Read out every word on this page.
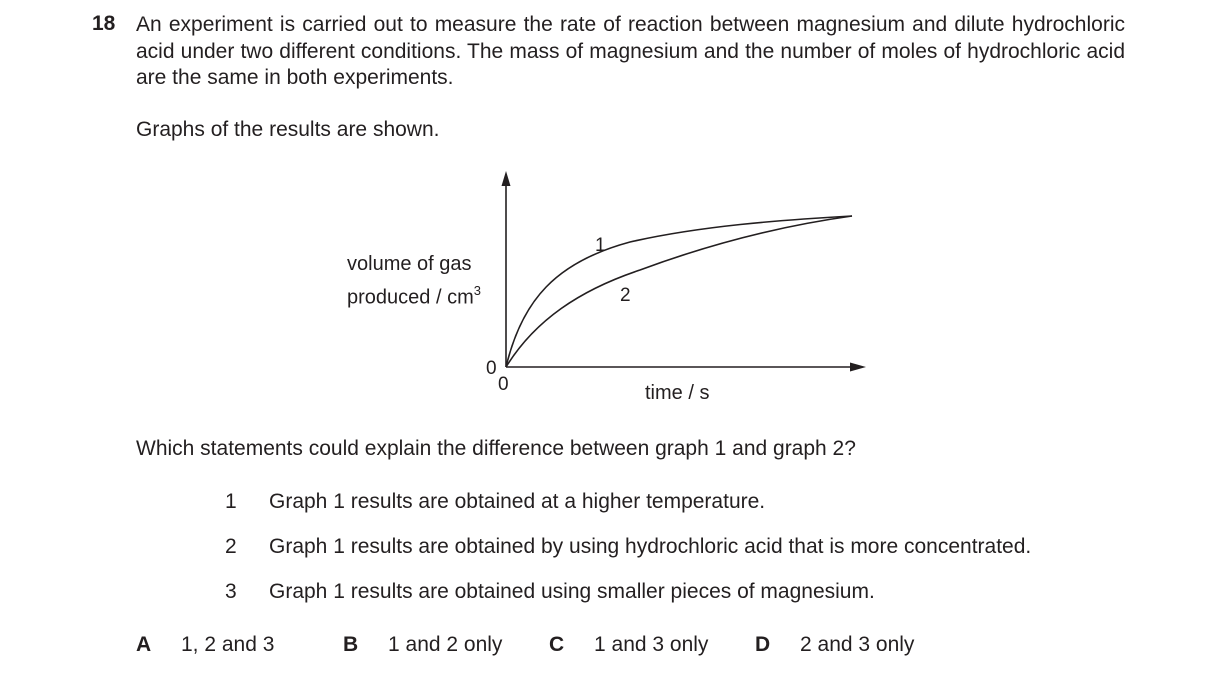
18 An experiment is carried out to measure the rate of reaction between magnesium and dilute hydrochloric acid under two different conditions. The mass of magnesium and the number of moles of hydrochloric acid are the same in both experiments.
Graphs of the results are shown.
volume of gas
produced / $cm^3$
1
2
0
0	time / s
Which statements could explain the difference between graph 1 and graph 2?
1 Graph 1 results are obtained at a higher temperature.
2 Graph 1 results are obtained by using hydrochloric acid that is more concentrated.
3 Graph 1 results are obtained using smaller pieces of magnesium.
A 1, 2 and 3	B 1 and 2 only C 1 and 3 only D 2 and 3 only
